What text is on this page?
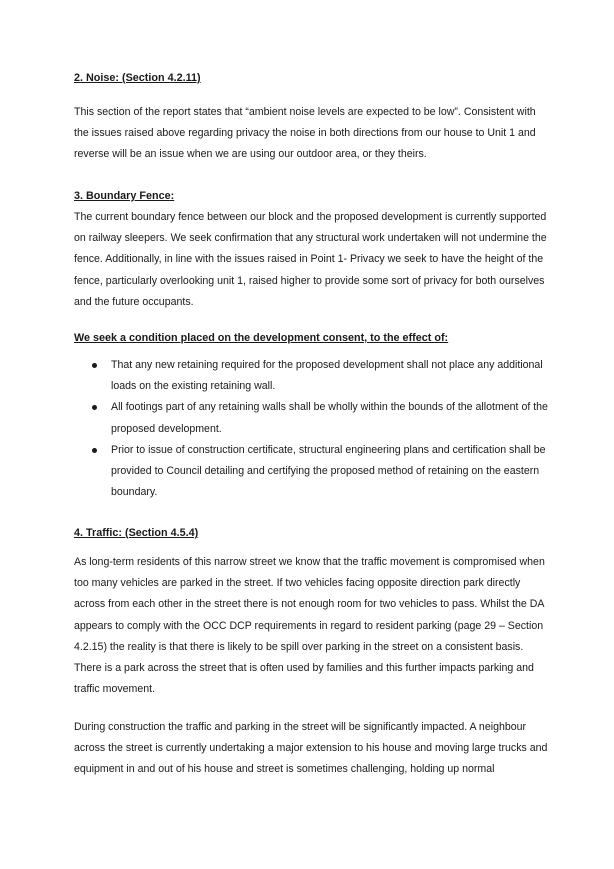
2. Noise: (Section 4.2.11)
This section of the report states that “ambient noise levels are expected to be low”. Consistent with the issues raised above regarding privacy the noise in both directions from our house to Unit 1 and reverse will be an issue when we are using our outdoor area, or they theirs.
3. Boundary Fence:
The current boundary fence between our block and the proposed development is currently supported on railway sleepers. We seek confirmation that any structural work undertaken will not undermine the fence. Additionally, in line with the issues raised in Point 1- Privacy we seek to have the height of the fence, particularly overlooking unit 1, raised higher to provide some sort of privacy for both ourselves and the future occupants.
We seek a condition placed on the development consent, to the effect of:
That any new retaining required for the proposed development shall not place any additional loads on the existing retaining wall.
All footings part of any retaining walls shall be wholly within the bounds of the allotment of the proposed development.
Prior to issue of construction certificate, structural engineering plans and certification shall be provided to Council detailing and certifying the proposed method of retaining on the eastern boundary.
4. Traffic: (Section 4.5.4)
As long-term residents of this narrow street we know that the traffic movement is compromised when too many vehicles are parked in the street. If two vehicles facing opposite direction park directly across from each other in the street there is not enough room for two vehicles to pass. Whilst the DA appears to comply with the OCC DCP requirements in regard to resident parking (page 29 – Section 4.2.15) the reality is that there is likely to be spill over parking in the street on a consistent basis. There is a park across the street that is often used by families and this further impacts parking and traffic movement.
During construction the traffic and parking in the street will be significantly impacted. A neighbour across the street is currently undertaking a major extension to his house and moving large trucks and equipment in and out of his house and street is sometimes challenging, holding up normal
